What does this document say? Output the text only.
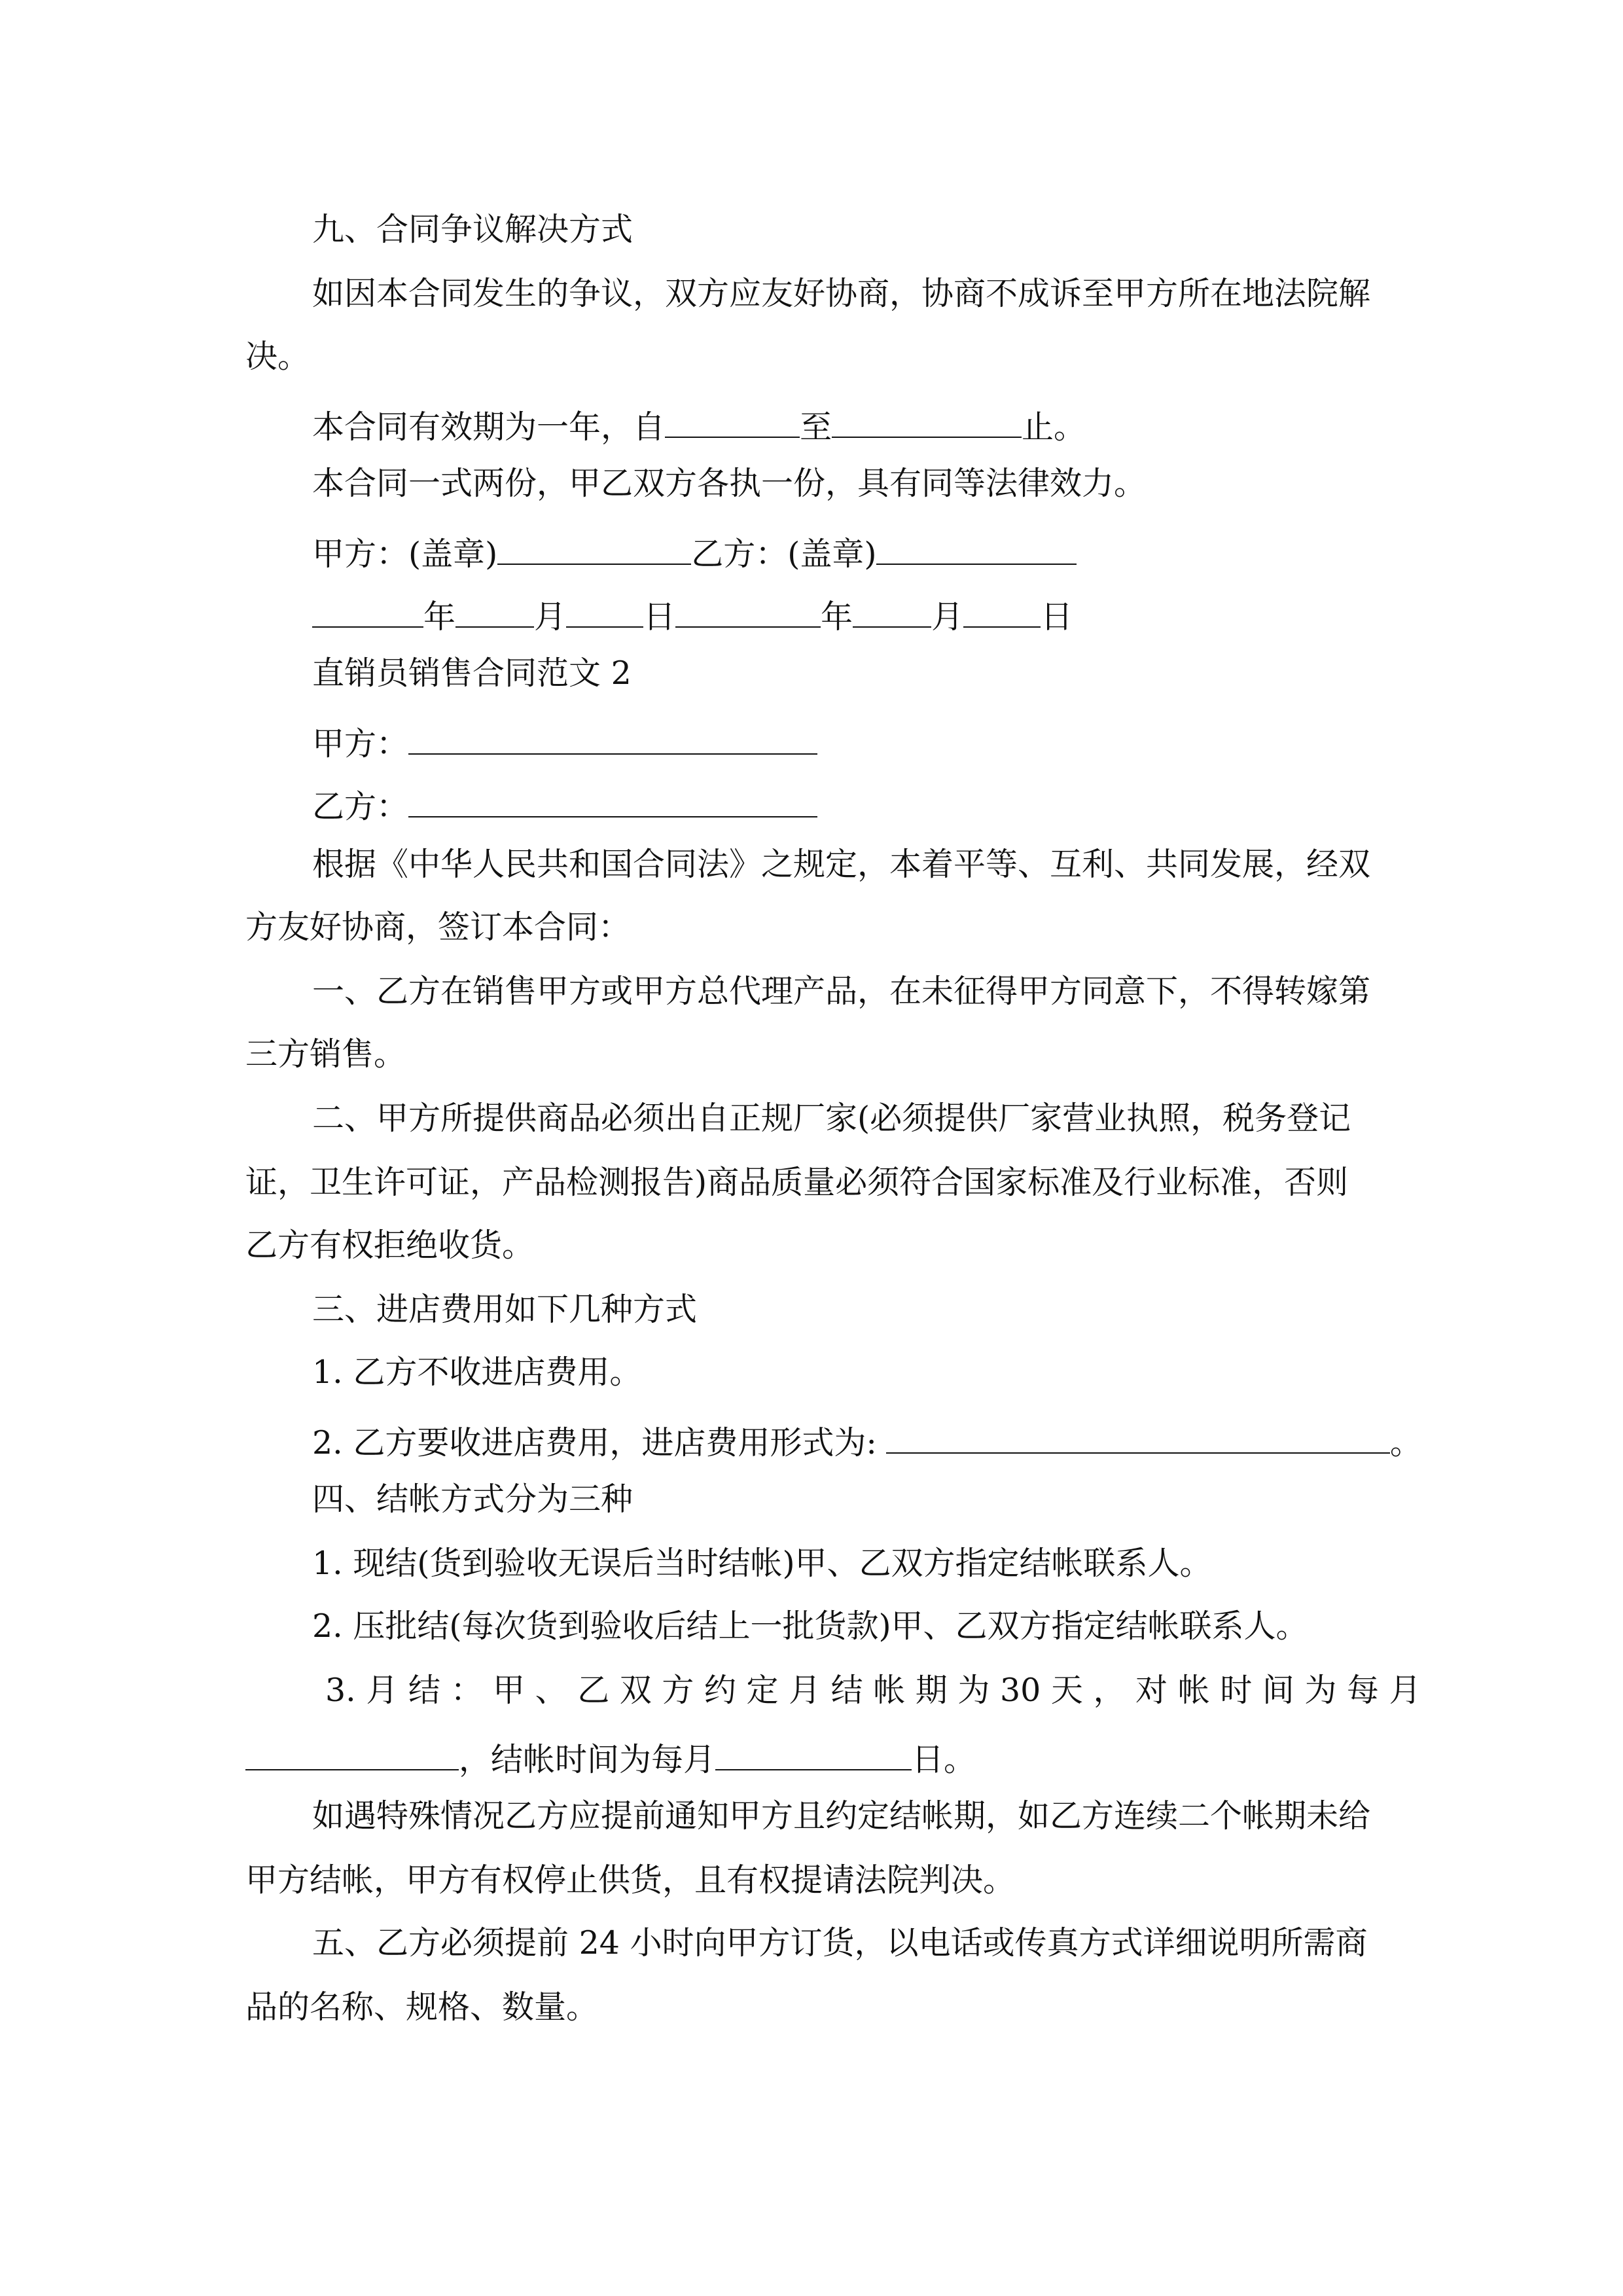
九、合同争议解决方式
如因本合同发生的争议，双方应友好协商，协商不成诉至甲方所在地法院解
决。
本合同有效期为一年，自	至	止。
本合同一式两份，甲乙双方各执一份，具有同等法律效力。
甲方：(盖章)	乙方：(盖章)
年 月 日	年 月 日
直销员销售合同范文 2
甲方：
乙方：
根据《中华人民共和国合同法》之规定，本着平等、互利、共同发展，经双
方友好协商，签订本合同：
一、乙方在销售甲方或甲方总代理产品，在未征得甲方同意下，不得转嫁第
三方销售。
二、甲方所提供商品必须出自正规厂家(必须提供厂家营业执照，税务登记
证，卫生许可证，产品检测报告)商品质量必须符合国家标准及行业标准，否则
乙方有权拒绝收货。
三、进店费用如下几种方式
1. 乙方不收进店费用。
2. 乙方要收进店费用，进店费用形式为:	。
四、结帐方式分为三种
1. 现结(货到验收无误后当时结帐)甲、乙双方指定结帐联系人。
2. 压批结(每次货到验收后结上一批货款)甲、乙双方指定结帐联系人。
3. 月 结 ： 甲 、 乙 双 方 约 定 月 结 帐 期 为 30 天 ， 对 帐 时 间 为 每 月
，结帐时间为每月	日。
如遇特殊情况乙方应提前通知甲方且约定结帐期，如乙方连续二个帐期未给
甲方结帐，甲方有权停止供货，且有权提请法院判决。
五、乙方必须提前 24 小时向甲方订货，以电话或传真方式详细说明所需商
品的名称、规格、数量。
